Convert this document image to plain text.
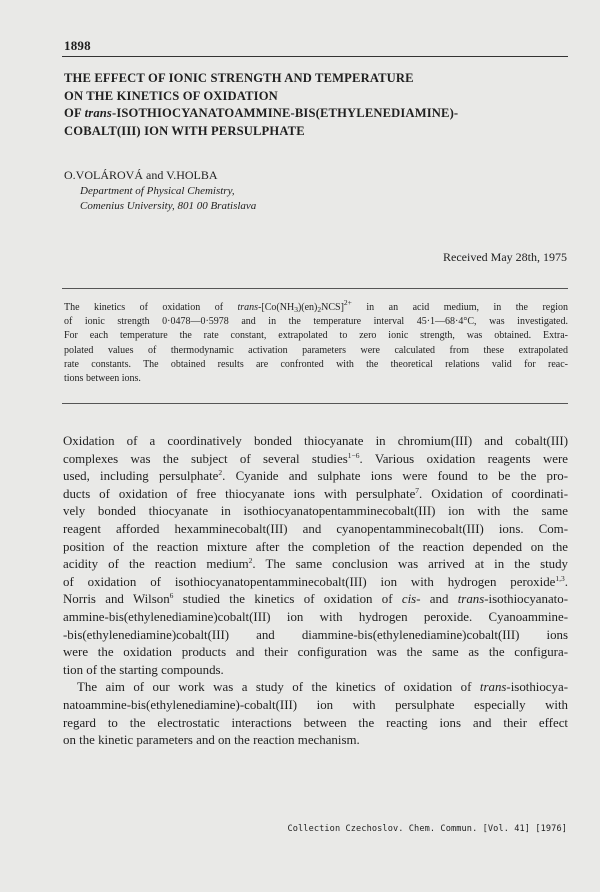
1898
THE EFFECT OF IONIC STRENGTH AND TEMPERATURE
ON THE KINETICS OF OXIDATION
OF trans-ISOTHIOCYANATOAMMINE-BIS(ETHYLENEDIAMINE)-
COBALT(III) ION WITH PERSULPHATE
O.VOLÁROVÁ and V.HOLBA
Department of Physical Chemistry,
Comenius University, 801 00 Bratislava
Received May 28th, 1975
The kinetics of oxidation of trans-$[Co(NH_3)(en)_2NCS]^{2+}$ in an acid medium, in the region
of ionic strength 0·0478—0·5978 and in the temperature interval 45·1—68·4°C, was investigated.
For each temperature the rate constant, extrapolated to zero ionic strength, was obtained. Extra-
polated values of thermodynamic activation parameters were calculated from these extrapolated
rate constants. The obtained results are confronted with the theoretical relations valid for reac-
tions between ions.
Oxidation of a coordinatively bonded thiocyanate in chromium(III) and cobalt(III)
complexes was the subject of several studies$^{1-6}$. Various oxidation reagents were
used, including persulphate$^2$. Cyanide and sulphate ions were found to be the pro-
ducts of oxidation of free thiocyanate ions with persulphate$^7$. Oxidation of coordinati-
vely bonded thiocyanate in isothiocyanatopentamminecobalt(III) ion with the same
reagent afforded hexamminecobalt(III) and cyanopentamminecobalt(III) ions. Com-
position of the reaction mixture after the completion of the reaction depended on the
acidity of the reaction medium$^2$. The same conclusion was arrived at in the study
of oxidation of isothiocyanatopentamminecobalt(III) ion with hydrogen peroxide$^{1,3}$.
Norris and Wilson$^6$ studied the kinetics of oxidation of cis- and trans-isothiocyanato-
ammine-bis(ethylenediamine)cobalt(III) ion with hydrogen peroxide. Cyanoammine-
-bis(ethylenediamine)cobalt(III) and diammine-bis(ethylenediamine)cobalt(III) ions
were the oxidation products and their configuration was the same as the configura-
tion of the starting compounds.
The aim of our work was a study of the kinetics of oxidation of trans-isothiocya-
natoammine-bis(ethylenediamine)-cobalt(III) ion with persulphate especially with
regard to the electrostatic interactions between the reacting ions and their effect
on the kinetic parameters and on the reaction mechanism.
Collection Czechoslov. Chem. Commun. [Vol. 41] [1976]
